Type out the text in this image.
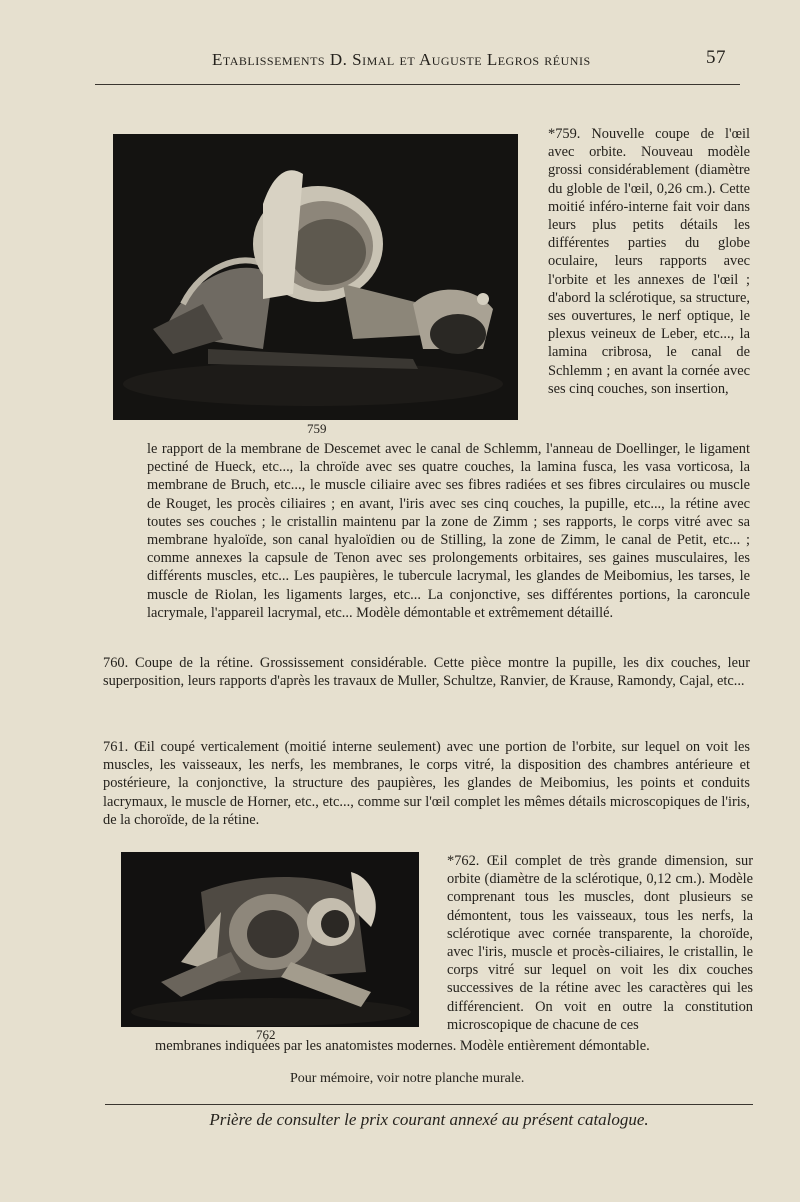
Etablissements D. Simal et Auguste Legros réunis	57
759

*759. Nouvelle coupe de l'œil avec orbite. Nouveau modèle grossi considérablement (diamètre du globle de l'œil, 0,26 cm.). Cette moitié inféro-interne fait voir dans leurs plus petits détails les différentes parties du globe oculaire, leurs rapports avec l'orbite et les annexes de l'œil ; d'abord la sclérotique, sa structure, ses ouvertures, le nerf optique, le plexus veineux de Leber, etc..., la lamina cribrosa, le canal de Schlemm ; en avant la cornée avec ses cinq couches, son insertion,

le rapport de la membrane de Descemet avec le canal de Schlemm, l'anneau de Doellinger, le ligament pectiné de Hueck, etc..., la chroïde avec ses quatre couches, la lamina fusca, les vasa vorticosa, la membrane de Bruch, etc..., le muscle ciliaire avec ses fibres radiées et ses fibres circulaires ou muscle de Rouget, les procès ciliaires ; en avant, l'iris avec ses cinq couches, la pupille, etc..., la rétine avec toutes ses couches ; le cristallin maintenu par la zone de Zimm ; ses rapports, le corps vitré avec sa membrane hyaloïde, son canal hyaloïdien ou de Stilling, la zone de Zimm, le canal de Petit, etc... ; comme annexes la capsule de Tenon avec ses prolongements orbitaires, ses gaines musculaires, les différents muscles, etc... Les paupières, le tubercule lacrymal, les glandes de Meibomius, les tarses, le muscle de Riolan, les ligaments larges, etc... La conjonctive, ses différentes portions, la caroncule lacrymale, l'appareil lacrymal, etc... Modèle démontable et extrêmement détaillé.

760. Coupe de la rétine. Grossissement considérable. Cette pièce montre la pupille, les dix couches, leur superposition, leurs rapports d'après les travaux de Muller, Schultze, Ranvier, de Krause, Ramondy, Cajal, etc...

761. Œil coupé verticalement (moitié interne seulement) avec une portion de l'orbite, sur lequel on voit les muscles, les vaisseaux, les nerfs, les membranes, le corps vitré, la disposition des chambres antérieure et postérieure, la conjonctive, la structure des paupières, les glandes de Meibomius, les points et conduits lacrymaux, le muscle de Horner, etc., etc..., comme sur l'œil complet les mêmes détails microscopiques de l'iris, de la choroïde, de la rétine.

762

*762. Œil complet de très grande dimension, sur orbite (diamètre de la sclérotique, 0,12 cm.). Modèle comprenant tous les muscles, dont plusieurs se démontent, tous les vaisseaux, tous les nerfs, la sclérotique avec cornée transparente, la choroïde, avec l'iris, muscle et procès-ciliaires, le cristallin, le corps vitré sur lequel on voit les dix couches successives de la rétine avec les caractères qui les différencient. On voit en outre la constitution microscopique de chacune de ces

membranes indiquées par les anatomistes modernes. Modèle entièrement démontable.

Pour mémoire, voir notre planche murale.
Prière de consulter le prix courant annexé au présent catalogue.
